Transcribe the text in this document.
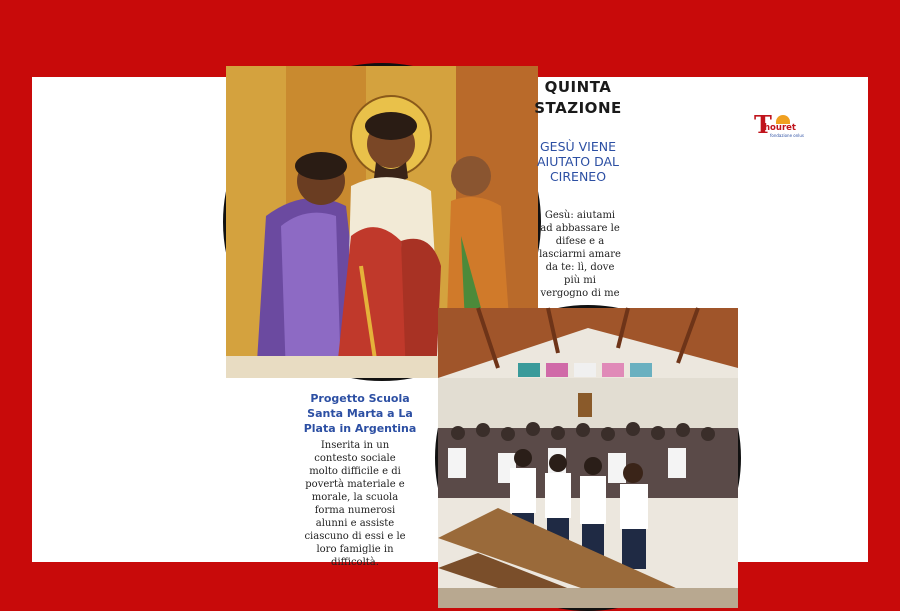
QUINTA
STAZIONE
GESÙ VIENE AIUTATO DAL CIRENEO
Gesù: aiutami ad abbassare le difese e a lasciarmi amare da te: lì, dove più mi vergogno di me
Progetto Scuola Santa Marta a La Plata in Argentina
Inserita in un contesto sociale molto difficile e di povertà materiale e morale, la scuola forma numerosi alunni e assiste ciascuno di essi e le loro famiglie in difficoltà.
T
houret
fondazione onlus
